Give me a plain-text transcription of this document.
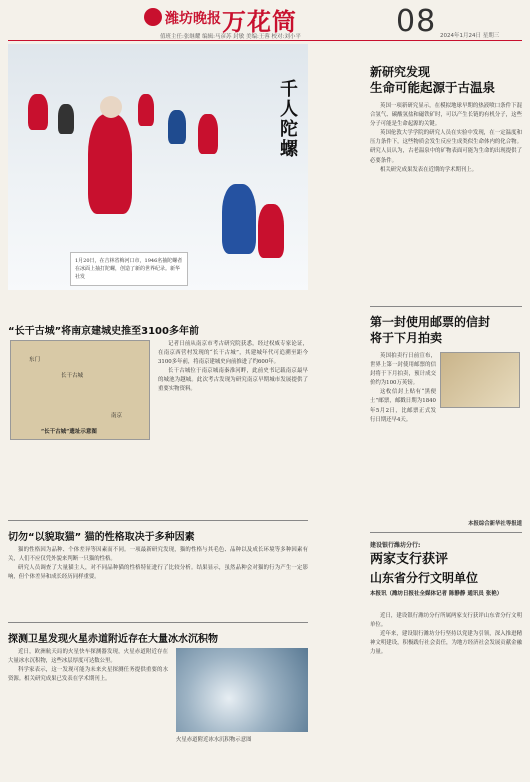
潍坊晚报 万花筒	08
值班主任:张继耀 编辑:马彦苏 封敏 美编:王蓉 校对:刘小平	2024年1月24日 星期三
千人陀螺
1月20日，在吉林省梅河口市，1946名抽陀螺者在冰面上抽打陀螺，创造了新的世界纪录。新华社发
新研究发现
生命可能起源于古温泉

英国一项新研究显示，在模拟地球早期的热液喷口条件下混合氢气、碳酸氢盐和磁铁矿时，可以产生长链的有机分子，这些分子可能是生命起源的关键。

英国伦敦大学学院的研究人员在实验中发现，在一定温度和压力条件下，这些物质会发生反应生成类似生命体内的化合物。研究人员认为，古老温泉中的矿物表面可能为生命的出现提供了必要条件。

相关研究成果发表在近期的学术期刊上。

“长干古城”将南京建城史推至3100多年前
长干古城
东门
南京
“长干古城”遗址示意图

记者日前从南京市考古研究院获悉，经过权威专家论证，在南京西营村发现的“长干古城”，其建城年代可追溯至距今3100多年前，将南京建城史向前推进了约600年。

长干古城位于南京城南秦淮河畔，此前史书记载南京最早的城池为越城。此次考古发现为研究南京早期城市发展提供了重要实物资料。

第一封使用邮票的信封
将于下月拍卖

英国拍卖行日前宣布，世界上第一封使用邮票的信封将于下月拍卖，预计成交价约为100万英镑。

这枚信封上贴有“黑便士”邮票，邮戳日期为1840年5月2日，比邮票正式发行日期还早4天。

本报综合新华社等报道
切勿“以貌取猫” 猫的性格取决于多种因素

猫的性格因为品种、个体差异等因素而不同。一项最新研究发现，猫的性格与其毛色、品种以及成长环境等多种因素有关，人们不应仅凭外貌来判断一只猫的性格。

研究人员调查了大量猫主人，对不同品种猫的性格特征进行了比较分析。结果显示，虽然品种会对猫的行为产生一定影响，但个体差异和成长经历同样重要。

建设银行潍坊分行:
两家支行获评
山东省分行文明单位
本报讯（潍坊日报社全媒体记者 陈静静 通讯员 张艳）

近日，建设银行潍坊分行所属两家支行获评山东省分行文明单位。

近年来，建设银行潍坊分行坚持以党建为引领，深入推进精神文明建设，积极践行社会责任，为地方经济社会发展贡献金融力量。

探测卫星发现火星赤道附近存在大量冰水沉积物

近日，欧洲航天局的火星快车探测器发现，火星赤道附近存在大量冰水沉积物，这些冰层厚度可达数公里。

科学家表示，这一发现可能为未来火星探测任务提供重要的水资源。相关研究成果已发表在学术期刊上。

火星赤道附近冰水沉积物示意图
